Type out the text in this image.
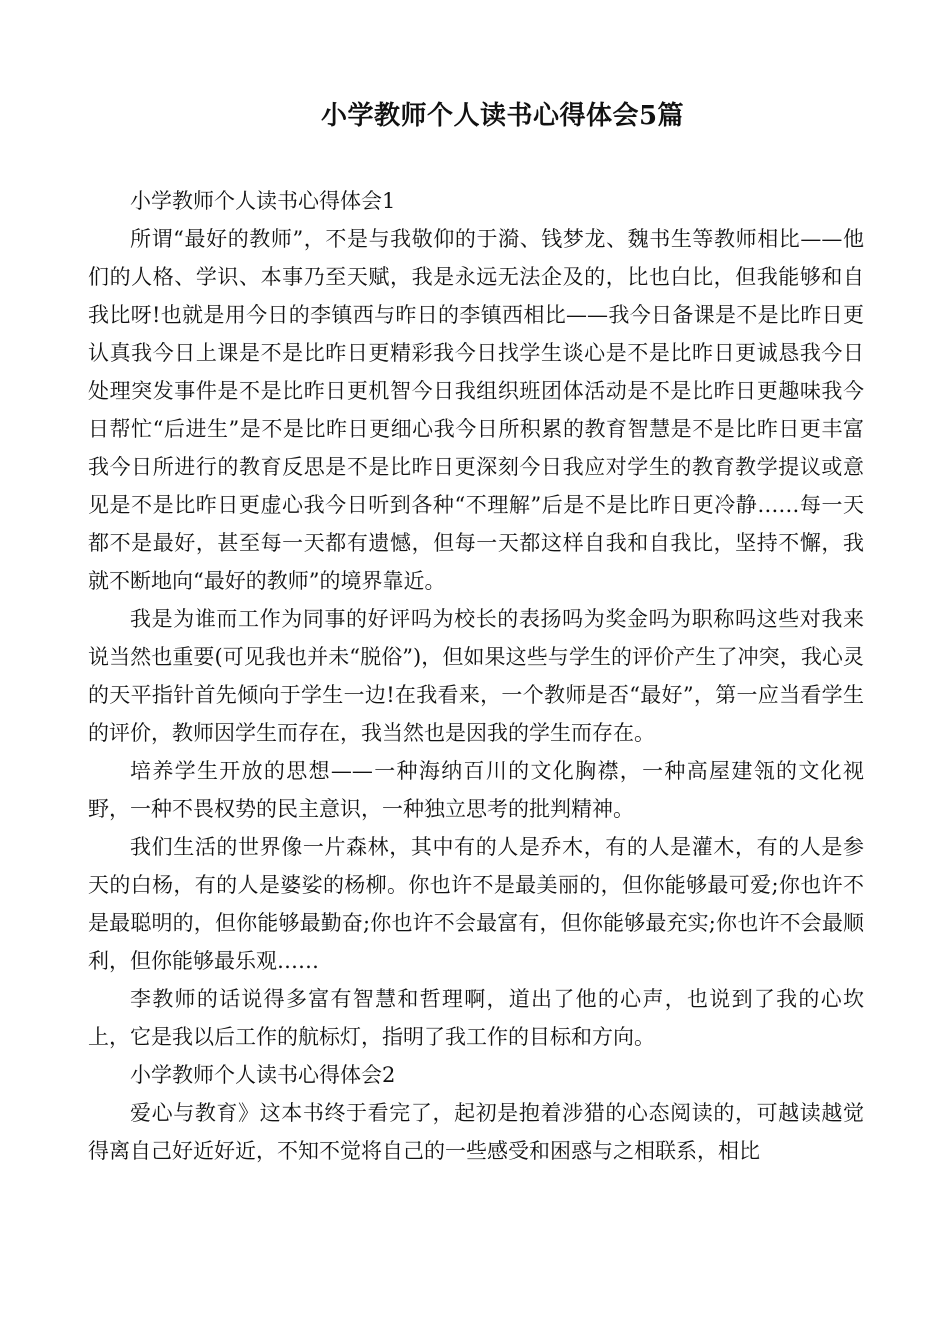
小学教师个人读书心得体会5篇

小学教师个人读书心得体会1

所谓“最好的教师”，不是与我敬仰的于漪、钱梦龙、魏书生等教师相比——他们的人格、学识、本事乃至天赋，我是永远无法企及的，比也白比，但我能够和自我比呀!也就是用今日的李镇西与昨日的李镇西相比——我今日备课是不是比昨日更认真我今日上课是不是比昨日更精彩我今日找学生谈心是不是比昨日更诚恳我今日处理突发事件是不是比昨日更机智今日我组织班团体活动是不是比昨日更趣味我今日帮忙“后进生”是不是比昨日更细心我今日所积累的教育智慧是不是比昨日更丰富我今日所进行的教育反思是不是比昨日更深刻今日我应对学生的教育教学提议或意见是不是比昨日更虚心我今日听到各种“不理解”后是不是比昨日更冷静……每一天都不是最好，甚至每一天都有遗憾，但每一天都这样自我和自我比，坚持不懈，我就不断地向“最好的教师”的境界靠近。

我是为谁而工作为同事的好评吗为校长的表扬吗为奖金吗为职称吗这些对我来说当然也重要(可见我也并未“脱俗”)，但如果这些与学生的评价产生了冲突，我心灵的天平指针首先倾向于学生一边!在我看来，一个教师是否“最好”，第一应当看学生的评价，教师因学生而存在，我当然也是因我的学生而存在。

培养学生开放的思想——一种海纳百川的文化胸襟，一种高屋建瓴的文化视野，一种不畏权势的民主意识，一种独立思考的批判精神。

我们生活的世界像一片森林，其中有的人是乔木，有的人是灌木，有的人是参天的白杨，有的人是婆娑的杨柳。你也许不是最美丽的，但你能够最可爱;你也许不是最聪明的，但你能够最勤奋;你也许不会最富有，但你能够最充实;你也许不会最顺利，但你能够最乐观……

李教师的话说得多富有智慧和哲理啊，道出了他的心声，也说到了我的心坎上，它是我以后工作的航标灯，指明了我工作的目标和方向。

小学教师个人读书心得体会2

爱心与教育》这本书终于看完了，起初是抱着涉猎的心态阅读的，可越读越觉得离自己好近好近，不知不觉将自己的一些感受和困惑与之相联系，相比
